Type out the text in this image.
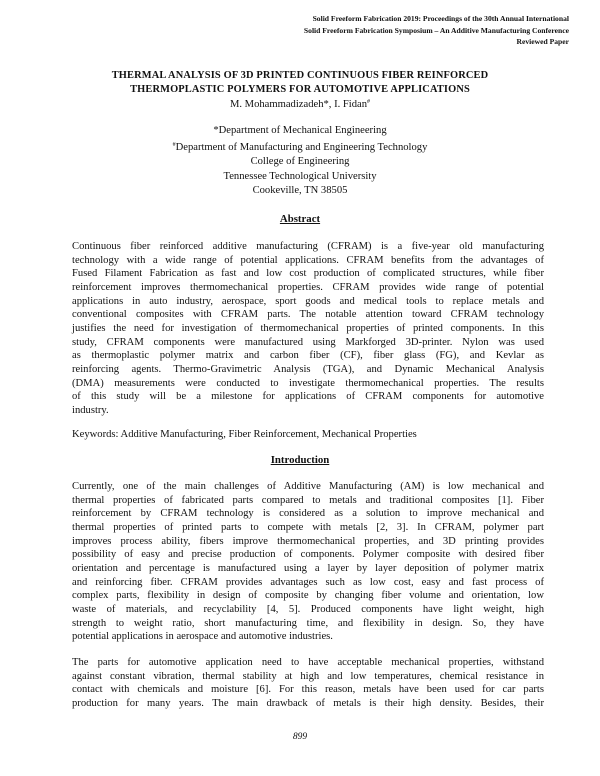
Solid Freeform Fabrication 2019: Proceedings of the 30th Annual International
Solid Freeform Fabrication Symposium – An Additive Manufacturing Conference
Reviewed Paper
THERMAL ANALYSIS OF 3D PRINTED CONTINUOUS FIBER REINFORCED
THERMOPLASTIC POLYMERS FOR AUTOMOTIVE APPLICATIONS
M. Mohammadizadeh*, I. Fidan#
*Department of Mechanical Engineering
#Department of Manufacturing and Engineering Technology
College of Engineering
Tennessee Technological University
Cookeville, TN 38505
Abstract
Continuous fiber reinforced additive manufacturing (CFRAM) is a five-year old manufacturing
technology with a wide range of potential applications. CFRAM benefits from the advantages of
Fused Filament Fabrication as fast and low cost production of complicated structures, while fiber
reinforcement improves thermomechanical properties. CFRAM provides wide range of potential
applications in auto industry, aerospace, sport goods and medical tools to replace metals and
conventional composites with CFRAM parts. The notable attention toward CFRAM technology
justifies the need for investigation of thermomechanical properties of printed components. In this
study, CFRAM components were manufactured using Markforged 3D-printer. Nylon was used
as thermoplastic polymer matrix and carbon fiber (CF), fiber glass (FG), and Kevlar as
reinforcing agents. Thermo-Gravimetric Analysis (TGA), and Dynamic Mechanical Analysis
(DMA) measurements were conducted to investigate thermomechanical properties. The results
of this study will be a milestone for applications of CFRAM components for automotive
industry.
Keywords: Additive Manufacturing, Fiber Reinforcement, Mechanical Properties
Introduction
Currently, one of the main challenges of Additive Manufacturing (AM) is low mechanical and
thermal properties of fabricated parts compared to metals and traditional composites [1]. Fiber
reinforcement by CFRAM technology is considered as a solution to improve mechanical and
thermal properties of printed parts to compete with metals [2, 3]. In CFRAM, polymer part
improves process ability, fibers improve thermomechanical properties, and 3D printing provides
possibility of easy and precise production of components. Polymer composite with desired fiber
orientation and percentage is manufactured using a layer by layer deposition of polymer matrix
and reinforcing fiber. CFRAM provides advantages such as low cost, easy and fast process of
complex parts, flexibility in design of composite by changing fiber volume and orientation, low
waste of materials, and recyclability [4, 5]. Produced components have light weight, high
strength to weight ratio, short manufacturing time, and flexibility in design. So, they have
potential applications in aerospace and automotive industries.
The parts for automotive application need to have acceptable mechanical properties, withstand
against constant vibration, thermal stability at high and low temperatures, chemical resistance in
contact with chemicals and moisture [6]. For this reason, metals have been used for car parts
production for many years. The main drawback of metals is their high density. Besides, their
899
